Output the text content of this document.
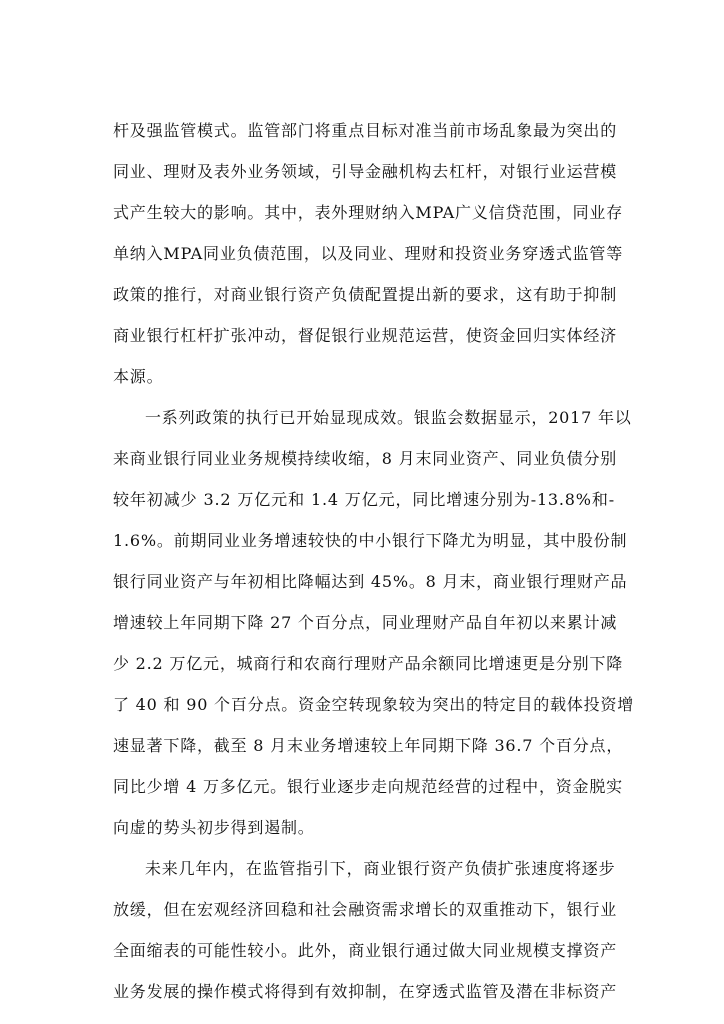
杆及强监管模式。监管部门将重点目标对准当前市场乱象最为突出的
同业、理财及表外业务领域，引导金融机构去杠杆，对银行业运营模
式产生较大的影响。其中，表外理财纳入MPA广义信贷范围，同业存
单纳入MPA同业负债范围，以及同业、理财和投资业务穿透式监管等
政策的推行，对商业银行资产负债配置提出新的要求，这有助于抑制
商业银行杠杆扩张冲动，督促银行业规范运营，使资金回归实体经济
本源。
一系列政策的执行已开始显现成效。银监会数据显示，2017 年以
来商业银行同业业务规模持续收缩，8 月末同业资产、同业负债分别
较年初减少 3.2 万亿元和 1.4 万亿元，同比增速分别为-13.8%和-
1.6%。前期同业业务增速较快的中小银行下降尤为明显，其中股份制
银行同业资产与年初相比降幅达到 45%。8 月末，商业银行理财产品
增速较上年同期下降 27 个百分点，同业理财产品自年初以来累计减
少 2.2 万亿元，城商行和农商行理财产品余额同比增速更是分别下降
了 40 和 90 个百分点。资金空转现象较为突出的特定目的载体投资增
速显著下降，截至 8 月末业务增速较上年同期下降 36.7 个百分点，
同比少增 4 万多亿元。银行业逐步走向规范经营的过程中，资金脱实
向虚的势头初步得到遏制。
未来几年内，在监管指引下，商业银行资产负债扩张速度将逐步
放缓，但在宏观经济回稳和社会融资需求增长的双重推动下，银行业
全面缩表的可能性较小。此外，商业银行通过做大同业规模支撑资产
业务发展的操作模式将得到有效抑制，在穿透式监管及潜在非标资产
